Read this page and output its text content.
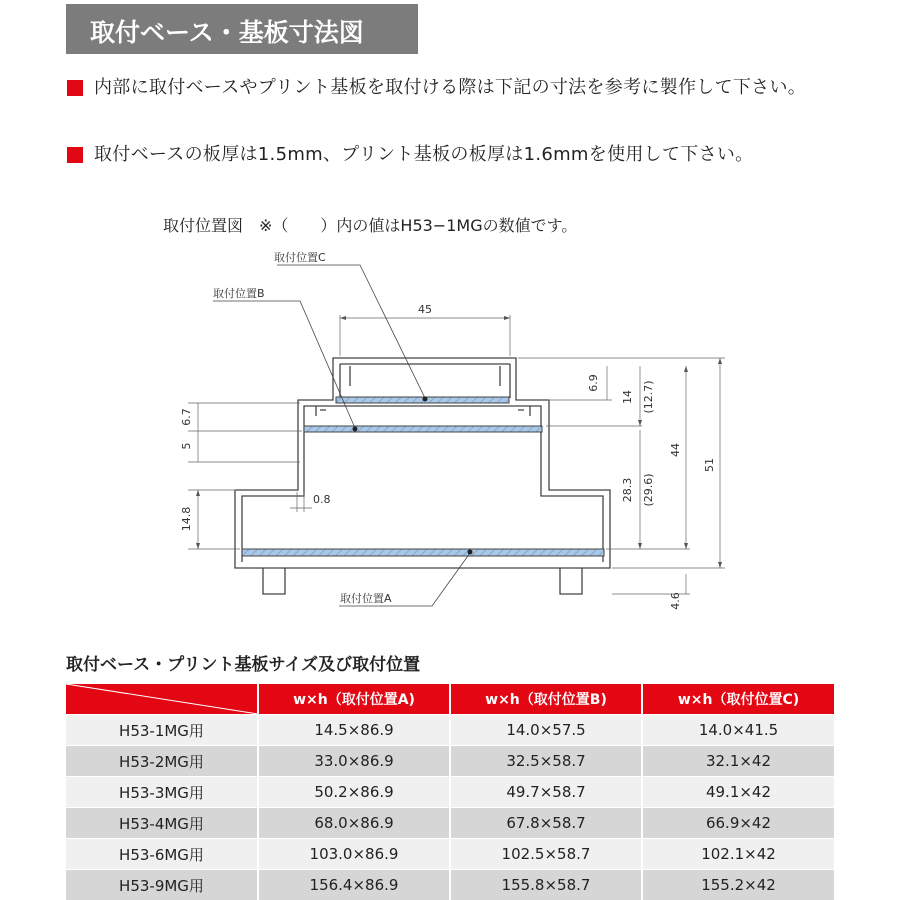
取付ベース・基板寸法図
内部に取付ベースやプリント基板を取付ける際は下記の寸法を参考に製作して下さい。
取付ベースの板厚は1.5mm、プリント基板の板厚は1.6mmを使用して下さい。
取付位置図　※（　　）内の値はH53−1MGの数値です。
取付位置C
取付位置B
取付位置A
45
6.9
14 (12.7)
44
51
28.3 (29.6)
4.6
6.7
5
14.8
0.8
取付ベース・プリント基板サイズ及び取付位置
	w×h（取付位置A)	w×h（取付位置B)	w×h（取付位置C)
H53-1MG用	14.5×86.9	14.0×57.5	14.0×41.5
H53-2MG用	33.0×86.9	32.5×58.7	32.1×42
H53-3MG用	50.2×86.9	49.7×58.7	49.1×42
H53-4MG用	68.0×86.9	67.8×58.7	66.9×42
H53-6MG用	103.0×86.9	102.5×58.7	102.1×42
H53-9MG用	156.4×86.9	155.8×58.7	155.2×42
